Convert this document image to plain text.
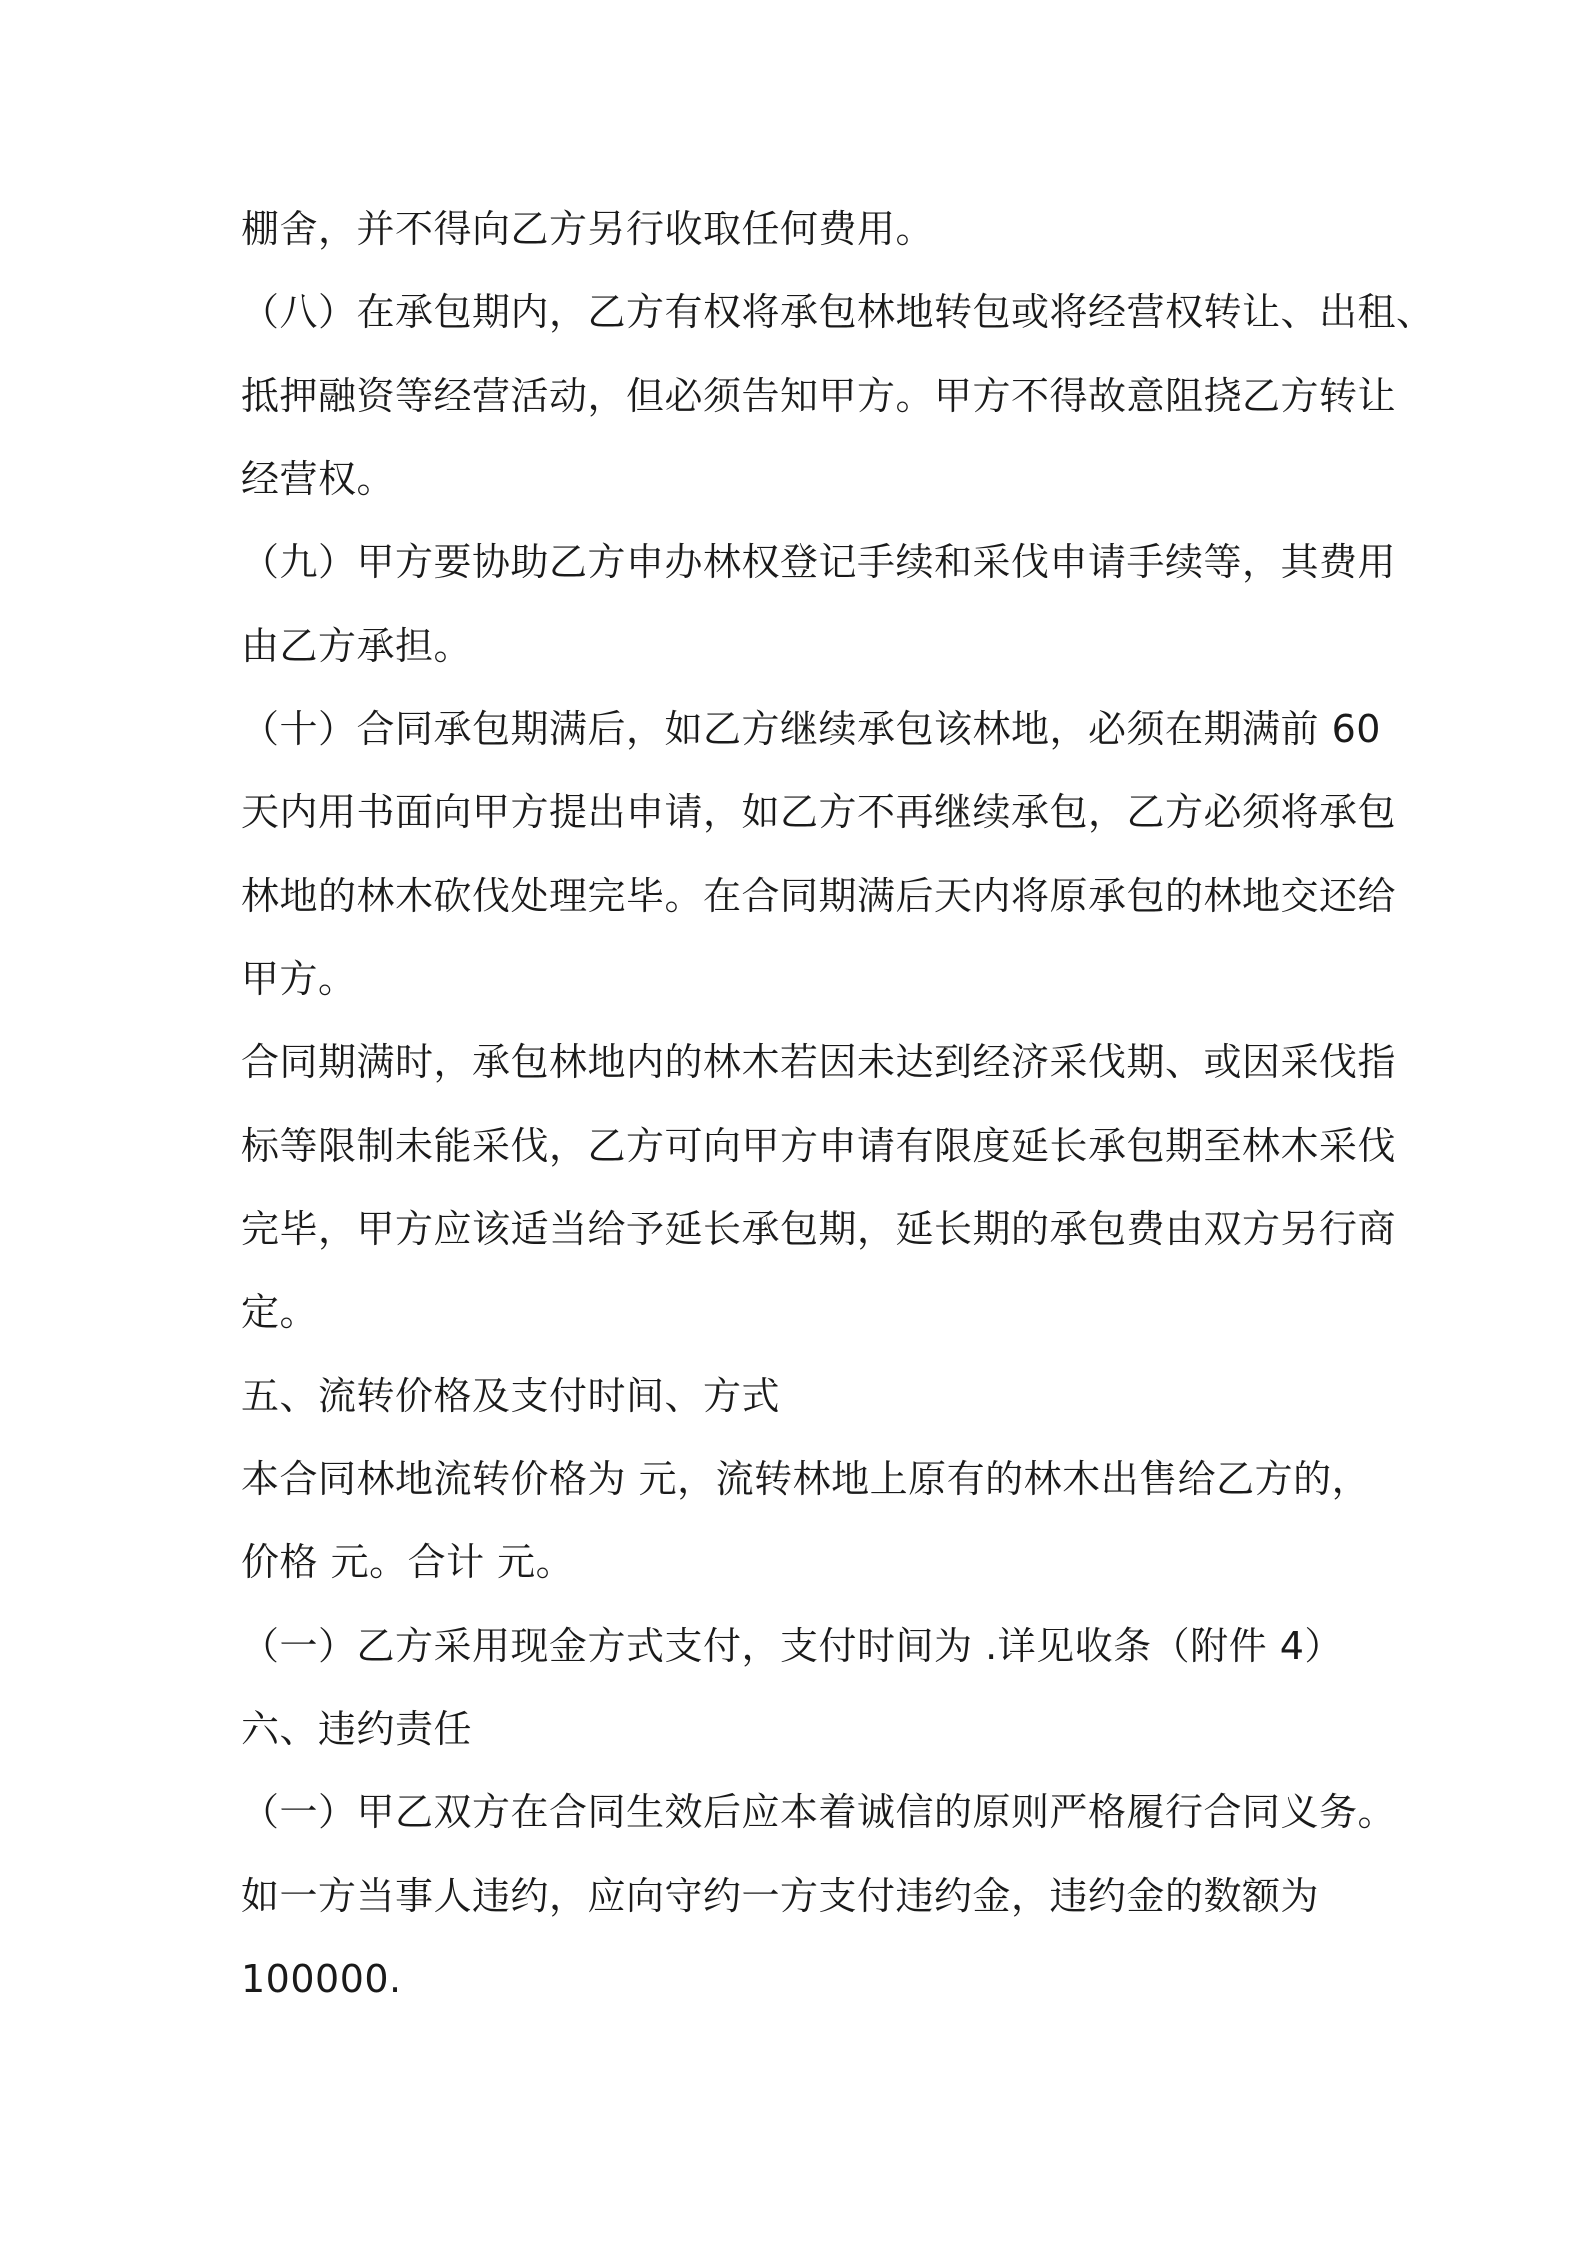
棚舍，并不得向乙方另行收取任何费用。

（八）在承包期内，乙方有权将承包林地转包或将经营权转让、出租、

抵押融资等经营活动，但必须告知甲方。甲方不得故意阻挠乙方转让

经营权。

（九）甲方要协助乙方申办林权登记手续和采伐申请手续等，其费用

由乙方承担。

（十）合同承包期满后，如乙方继续承包该林地，必须在期满前 60

天内用书面向甲方提出申请，如乙方不再继续承包，乙方必须将承包

林地的林木砍伐处理完毕。在合同期满后天内将原承包的林地交还给

甲方。

合同期满时，承包林地内的林木若因未达到经济采伐期、或因采伐指

标等限制未能采伐，乙方可向甲方申请有限度延长承包期至林木采伐

完毕，甲方应该适当给予延长承包期，延长期的承包费由双方另行商

定。

五、流转价格及支付时间、方式

本合同林地流转价格为 元，流转林地上原有的林木出售给乙方的，

价格 元。合计 元。

（一）乙方采用现金方式支付，支付时间为 .详见收条（附件 4）

六、违约责任

（一）甲乙双方在合同生效后应本着诚信的原则严格履行合同义务。

如一方当事人违约，应向守约一方支付违约金，违约金的数额为

100000.
